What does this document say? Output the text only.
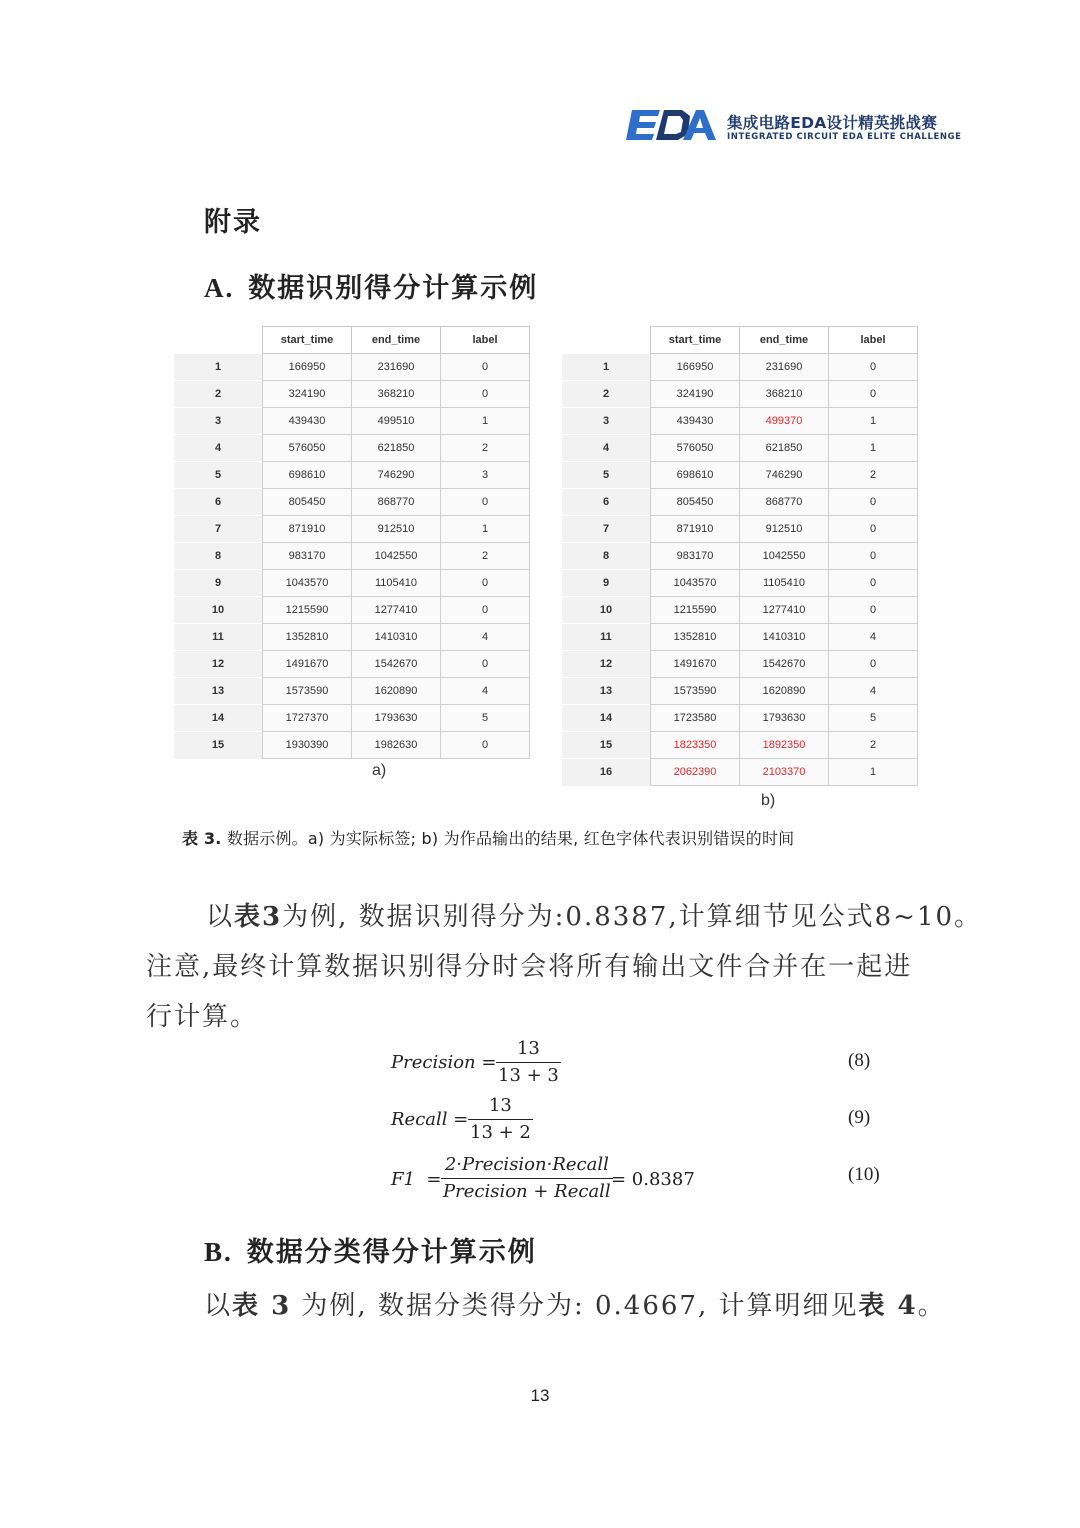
集成电路EDA设计精英挑战赛
INTEGRATED CIRCUIT EDA ELITE CHALLENGE
附录
A. 数据识别得分计算示例
	start_time	end_time	label
1	166950	231690	0
2	324190	368210	0
3	439430	499510	1
4	576050	621850	2
5	698610	746290	3
6	805450	868770	0
7	871910	912510	1
8	983170	1042550	2
9	1043570	1105410	0
10	1215590	1277410	0
11	1352810	1410310	4
12	1491670	1542670	0
13	1573590	1620890	4
14	1727370	1793630	5
15	1930390	1982630	0
a)
	start_time	end_time	label
1	166950	231690	0
2	324190	368210	0
3	439430	499370	1
4	576050	621850	1
5	698610	746290	2
6	805450	868770	0
7	871910	912510	0
8	983170	1042550	0
9	1043570	1105410	0
10	1215590	1277410	0
11	1352810	1410310	4
12	1491670	1542670	0
13	1573590	1620890	4
14	1723580	1793630	5
15	1823350	1892350	2
16	2062390	2103370	1
b)
表 3. 数据示例。a) 为实际标签; b) 为作品输出的结果, 红色字体代表识别错误的时间
以表3为例, 数据识别得分为:0.8387,计算细节见公式8~10。
注意,最终计算数据识别得分时会将所有输出文件合并在一起进
行计算。
Precision = $\frac{13}{13 + 3}$	(8)
Recall = $\frac{13}{13 + 2}$	(9)
F1  =
2·Precision·Recall
Precision + Recall
= 0.8387	(10)
B. 数据分类得分计算示例
以表 3 为例, 数据分类得分为: 0.4667, 计算明细见表 4。
13
